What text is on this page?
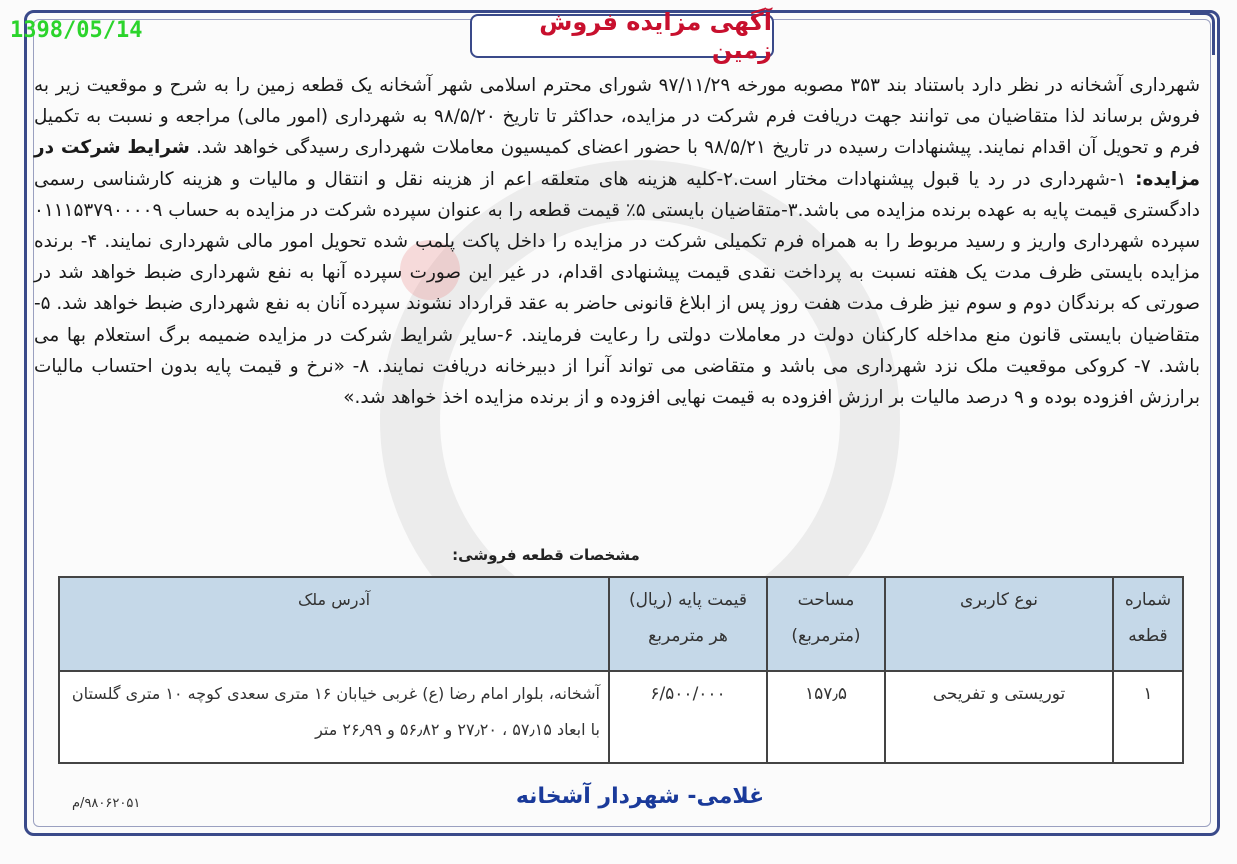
1398/05/14	آگهی مزایده فروش زمین
شهرداری آشخانه در نظر دارد باستناد بند ۳۵۳ مصوبه مورخه ۹۷/۱۱/۲۹ شورای محترم اسلامی شهر آشخانه یک قطعه زمین را به شرح و موقعیت زیر به فروش برساند لذا متقاضیان می توانند جهت دریافت فرم شرکت در مزایده، حداکثر تا تاریخ ۹۸/۵/۲۰ به شهرداری (امور مالی) مراجعه و نسبت به تکمیل فرم و تحویل آن اقدام نمایند. پیشنهادات رسیده در تاریخ ۹۸/۵/۲۱ با حضور اعضای کمیسیون معاملات شهرداری رسیدگی خواهد شد. شرایط شرکت در مزایده: ۱-شهرداری در رد یا قبول پیشنهادات مختار است.۲-کلیه هزینه های متعلقه اعم از هزینه نقل و انتقال و مالیات و هزینه کارشناسی رسمی دادگستری قیمت پایه به عهده برنده مزایده می باشد.۳-متقاضیان بایستی ۵٪ قیمت قطعه را به عنوان سپرده شرکت در مزایده به حساب ۰۱۱۱۵۳۷۹۰۰۰۰۹ سپرده شهرداری واریز و رسید مربوط را به همراه فرم تکمیلی شرکت در مزایده را داخل پاکت پلمب شده تحویل امور مالی شهرداری نمایند. ۴- برنده مزایده بایستی ظرف مدت یک هفته نسبت به پرداخت نقدی قیمت پیشنهادی اقدام، در غیر این صورت سپرده آنها به نفع شهرداری ضبط خواهد شد در صورتی که برندگان دوم و سوم نیز ظرف مدت هفت روز پس از ابلاغ قانونی حاضر به عقد قرارداد نشوند سپرده آنان به نفع شهرداری ضبط خواهد شد. ۵- متقاضیان بایستی قانون منع مداخله کارکنان دولت در معاملات دولتی را رعایت فرمایند. ۶-سایر شرایط شرکت در مزایده ضمیمه برگ استعلام بها می باشد. ۷- کروکی موقعیت ملک نزد شهرداری می باشد و متقاضی می تواند آنرا از دبیرخانه دریافت نمایند. ۸- «نرخ و قیمت پایه بدون احتساب مالیات برارزش افزوده بوده و ۹ درصد مالیات بر ارزش افزوده به قیمت نهایی افزوده و از برنده مزایده اخذ خواهد شد.»
مشخصات قطعه فروشی:
شماره قطعه	نوع کاربری	مساحت (مترمربع)	قیمت پایه (ریال) هر مترمربع	آدرس ملک
۱	توریستی و تفریحی	۱۵۷٫۵	۶/۵۰۰/۰۰۰	آشخانه، بلوار امام رضا (ع) غربی خیابان ۱۶ متری سعدی کوچه ۱۰ متری گلستان با ابعاد ۵۷٫۱۵ ، ۲۷٫۲۰ و ۵۶٫۸۲ و ۲۶٫۹۹ متر
غلامی- شهردار آشخانه
۹۸۰۶۲۰۵۱/م
